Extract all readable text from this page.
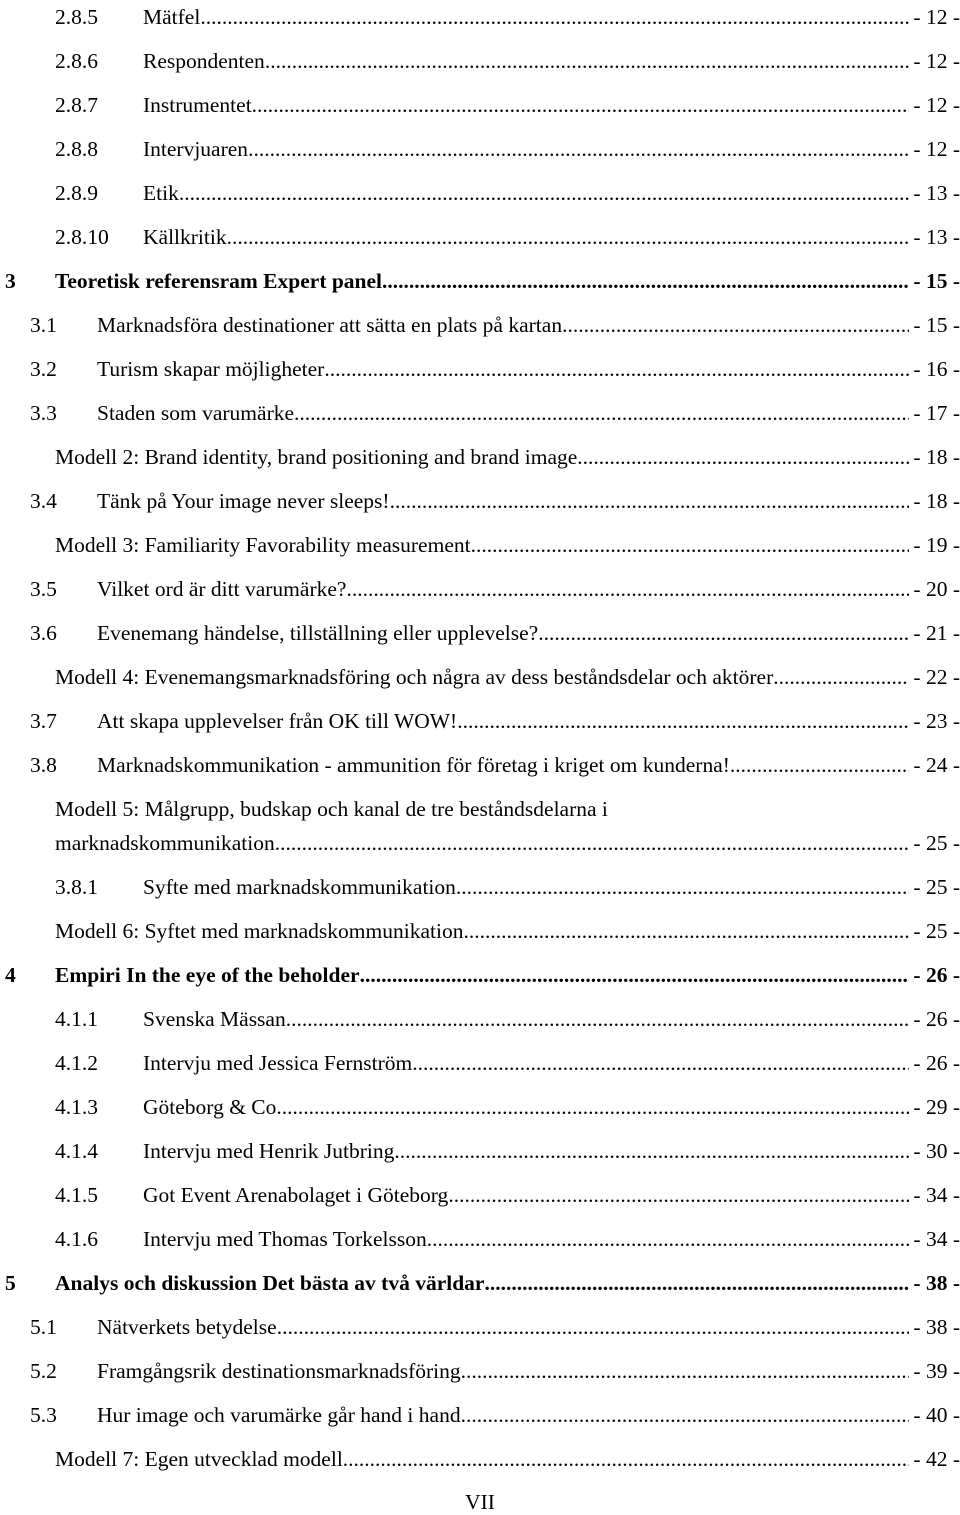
2.8.5 Mätfel .....	- 12 -
2.8.6 Respondenten .....	- 12 -
2.8.7 Instrumentet .....	- 12 -
2.8.8 Intervjuaren .....	- 12 -
2.8.9 Etik .....	- 13 -
2.8.10 Källkritik .....	- 13 -
3 Teoretisk referensram Expert panel .....	- 15 -
3.1 Marknadsföra destinationer att sätta en plats på kartan .....	- 15 -
3.2 Turism skapar möjligheter .....	- 16 -
3.3 Staden som varumärke .....	- 17 -
Modell 2: Brand identity, brand positioning and brand image .....	- 18 -
3.4 Tänk på Your image never sleeps! .....	- 18 -
Modell 3: Familiarity Favorability measurement .....	- 19 -
3.5 Vilket ord är ditt varumärke? .....	- 20 -
3.6 Evenemang händelse, tillställning eller upplevelse? .....	- 21 -
Modell 4: Evenemangsmarknadsföring och några av dess beståndsdelar och aktörer .....	- 22 -
3.7 Att skapa upplevelser från OK till WOW! .....	- 23 -
3.8 Marknadskommunikation - ammunition för företag i kriget om kunderna! .....	- 24 -
Modell 5: Målgrupp, budskap och kanal de tre beståndsdelarna i
marknadskommunikation .....	- 25 -
3.8.1 Syfte med marknadskommunikation. .....	- 25 -
Modell 6: Syftet med marknadskommunikation .....	- 25 -
4 Empiri In the eye of the beholder .....	- 26 -
4.1.1 Svenska Mässan .....	- 26 -
4.1.2 Intervju med Jessica Fernström .....	- 26 -
4.1.3 Göteborg & Co .....	- 29 -
4.1.4 Intervju med Henrik Jutbring .....	- 30 -
4.1.5 Got Event Arenabolaget i Göteborg .....	- 34 -
4.1.6 Intervju med Thomas Torkelsson .....	- 34 -
5 Analys och diskussion Det bästa av två världar .....	- 38 -
5.1 Nätverkets betydelse .....	- 38 -
5.2 Framgångsrik destinationsmarknadsföring .....	- 39 -
5.3 Hur image och varumärke går hand i hand .....	- 40 -
Modell 7: Egen utvecklad modell .....	- 42 -
VII
